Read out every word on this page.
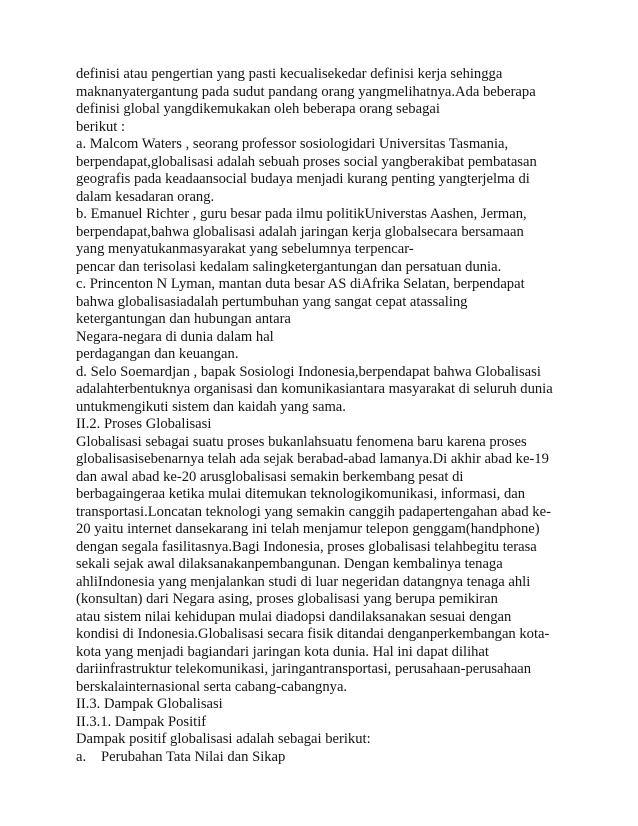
definisi atau pengertian yang pasti kecualisekedar definisi kerja sehingga
maknanyatergantung pada sudut pandang orang yangmelihatnya.Ada beberapa
definisi global yangdikemukakan oleh beberapa orang sebagai
berikut :
a. Malcom Waters , seorang professor sosiologidari Universitas Tasmania,
berpendapat,globalisasi adalah sebuah proses social yangberakibat pembatasan
geografis pada keadaansocial budaya menjadi kurang penting yangterjelma di
dalam kesadaran orang.
b. Emanuel Richter , guru besar pada ilmu politikUniverstas Aashen, Jerman,
berpendapat,bahwa globalisasi adalah jaringan kerja globalsecara bersamaan
yang menyatukanmasyarakat yang sebelumnya terpencar-
pencar dan terisolasi kedalam salingketergantungan dan persatuan dunia.
c. Princenton N Lyman, mantan duta besar AS diAfrika Selatan, berpendapat
bahwa globalisasiadalah pertumbuhan yang sangat cepat atassaling
ketergantungan dan hubungan antara
Negara-negara di dunia dalam hal
perdagangan dan keuangan.
d. Selo Soemardjan , bapak Sosiologi Indonesia,berpendapat bahwa Globalisasi
adalahterbentuknya organisasi dan komunikasiantara masyarakat di seluruh dunia
untukmengikuti sistem dan kaidah yang sama.
II.2. Proses Globalisasi
Globalisasi sebagai suatu proses bukanlahsuatu fenomena baru karena proses
globalisasisebenarnya telah ada sejak berabad-abad lamanya.Di akhir abad ke-19
dan awal abad ke-20 arusglobalisasi semakin berkembang pesat di
berbagaingeraa ketika mulai ditemukan teknologikomunikasi, informasi, dan
transportasi.Loncatan teknologi yang semakin canggih padapertengahan abad ke-
20 yaitu internet dansekarang ini telah menjamur telepon genggam(handphone)
dengan segala fasilitasnya.Bagi Indonesia, proses globalisasi telahbegitu terasa
sekali sejak awal dilaksanakanpembangunan. Dengan kembalinya tenaga
ahliIndonesia yang menjalankan studi di luar negeridan datangnya tenaga ahli
(konsultan) dari Negara asing, proses globalisasi yang berupa pemikiran
atau sistem nilai kehidupan mulai diadopsi dandilaksanakan sesuai dengan
kondisi di Indonesia.Globalisasi secara fisik ditandai denganperkembangan kota-
kota yang menjadi bagiandari jaringan kota dunia. Hal ini dapat dilihat
dariinfrastruktur telekomunikasi, jaringantransportasi, perusahaan-perusahaan
berskalainternasional serta cabang-cabangnya.
II.3. Dampak Globalisasi
II.3.1. Dampak Positif
Dampak positif globalisasi adalah sebagai berikut:
a. Perubahan Tata Nilai dan Sikap
